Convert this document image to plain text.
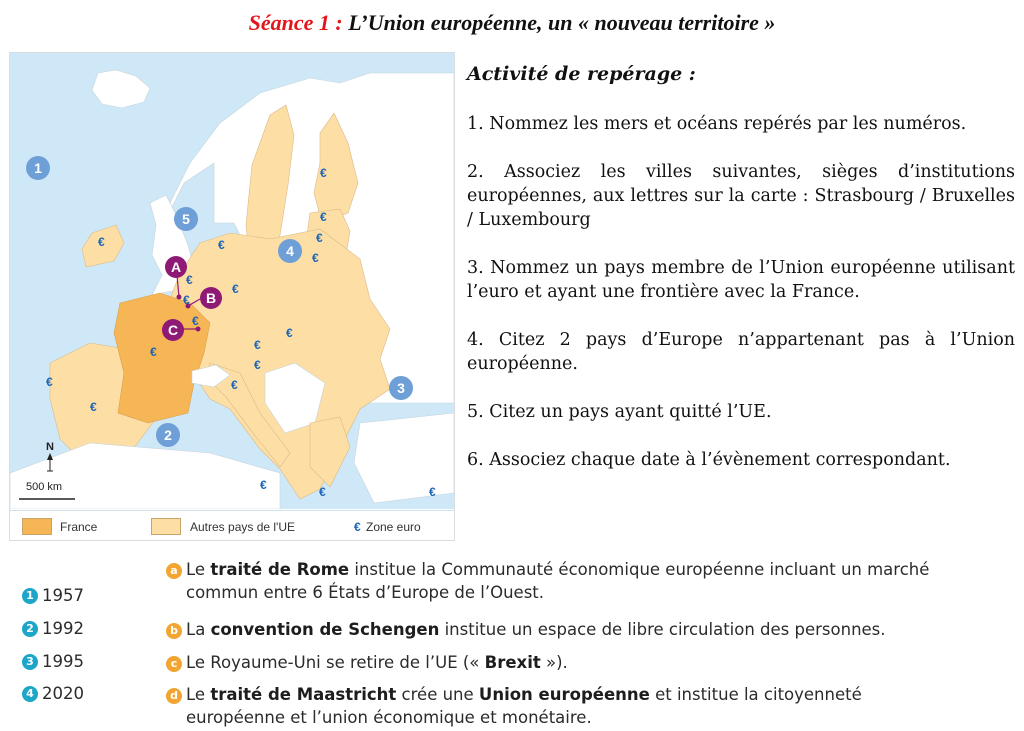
Séance 1 : L’Union européenne, un « nouveau territoire »
1
5
4
3
2
A
B
C
€
€
€
€
€
€
€
€
€
€
€
€
€
€
€
€
€
€
€	€
N
500 km
France	Autres pays de l'UE	€ Zone euro
Activité de repérage :
1. Nommez les mers et océans repérés par les numéros.
2. Associez les villes suivantes, sièges d’institutions européennes, aux lettres sur la carte : Strasbourg / Bruxelles / Luxembourg
3. Nommez un pays membre de l’Union européenne utilisant l’euro et ayant une frontière avec la France.
4. Citez 2 pays d’Europe n’appartenant pas à l’Union européenne.
5. Citez un pays ayant quitté l’UE.
6. Associez chaque date à l’évènement correspondant.
1 1957
2 1992
3 1995
4 2020
a Le traité de Rome institue la Communauté économique européenne incluant un marché
commun entre 6 États d’Europe de l’Ouest.
b La convention de Schengen institue un espace de libre circulation des personnes.
c Le Royaume-Uni se retire de l’UE (« Brexit »).
d Le traité de Maastricht crée une Union européenne et institue la citoyenneté
européenne et l’union économique et monétaire.
